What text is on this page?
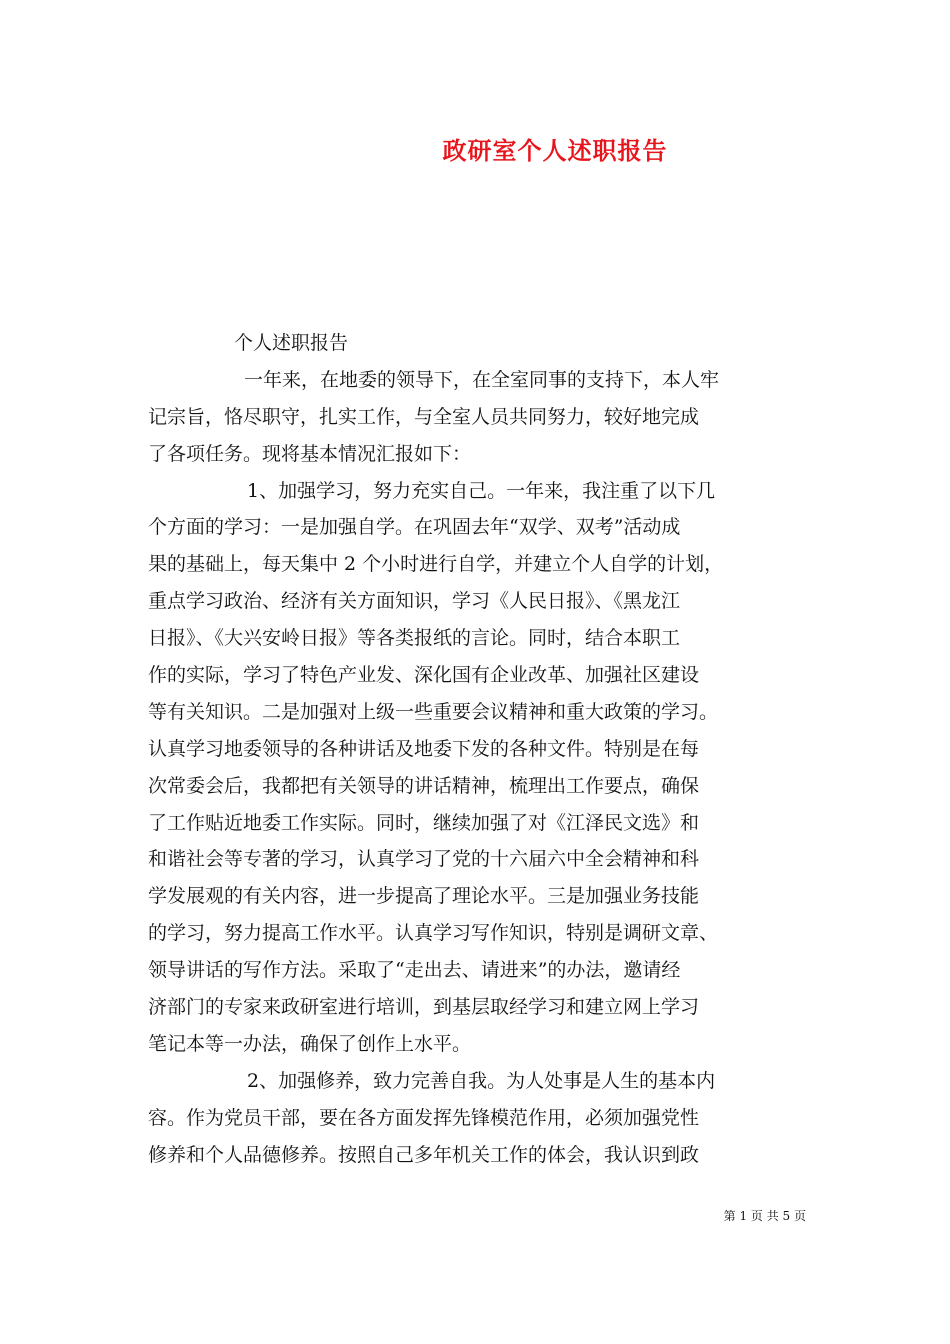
政研室个人述职报告
个人述职报告
一年来，在地委的领导下，在全室同事的支持下，本人牢
记宗旨，恪尽职守，扎实工作，与全室人员共同努力，较好地完成
了各项任务。现将基本情况汇报如下：
1、加强学习，努力充实自己。一年来，我注重了以下几
个方面的学习：一是加强自学。在巩固去年“双学、双考”活动成
果的基础上，每天集中 2 个小时进行自学，并建立个人自学的计划，
重点学习政治、经济有关方面知识，学习《人民日报》、《黑龙江
日报》、《大兴安岭日报》等各类报纸的言论。同时，结合本职工
作的实际，学习了特色产业发、深化国有企业改革、加强社区建设
等有关知识。二是加强对上级一些重要会议精神和重大政策的学习。
认真学习地委领导的各种讲话及地委下发的各种文件。特别是在每
次常委会后，我都把有关领导的讲话精神，梳理出工作要点，确保
了工作贴近地委工作实际。同时，继续加强了对《江泽民文选》和
和谐社会等专著的学习，认真学习了党的十六届六中全会精神和科
学发展观的有关内容，进一步提高了理论水平。三是加强业务技能
的学习，努力提高工作水平。认真学习写作知识，特别是调研文章、
领导讲话的写作方法。采取了“走出去、请进来”的办法，邀请经
济部门的专家来政研室进行培训，到基层取经学习和建立网上学习
笔记本等一办法，确保了创作上水平。
2、加强修养，致力完善自我。为人处事是人生的基本内
容。作为党员干部，要在各方面发挥先锋模范作用，必须加强党性
修养和个人品德修养。按照自己多年机关工作的体会，我认识到政
第 1 页 共 5 页
